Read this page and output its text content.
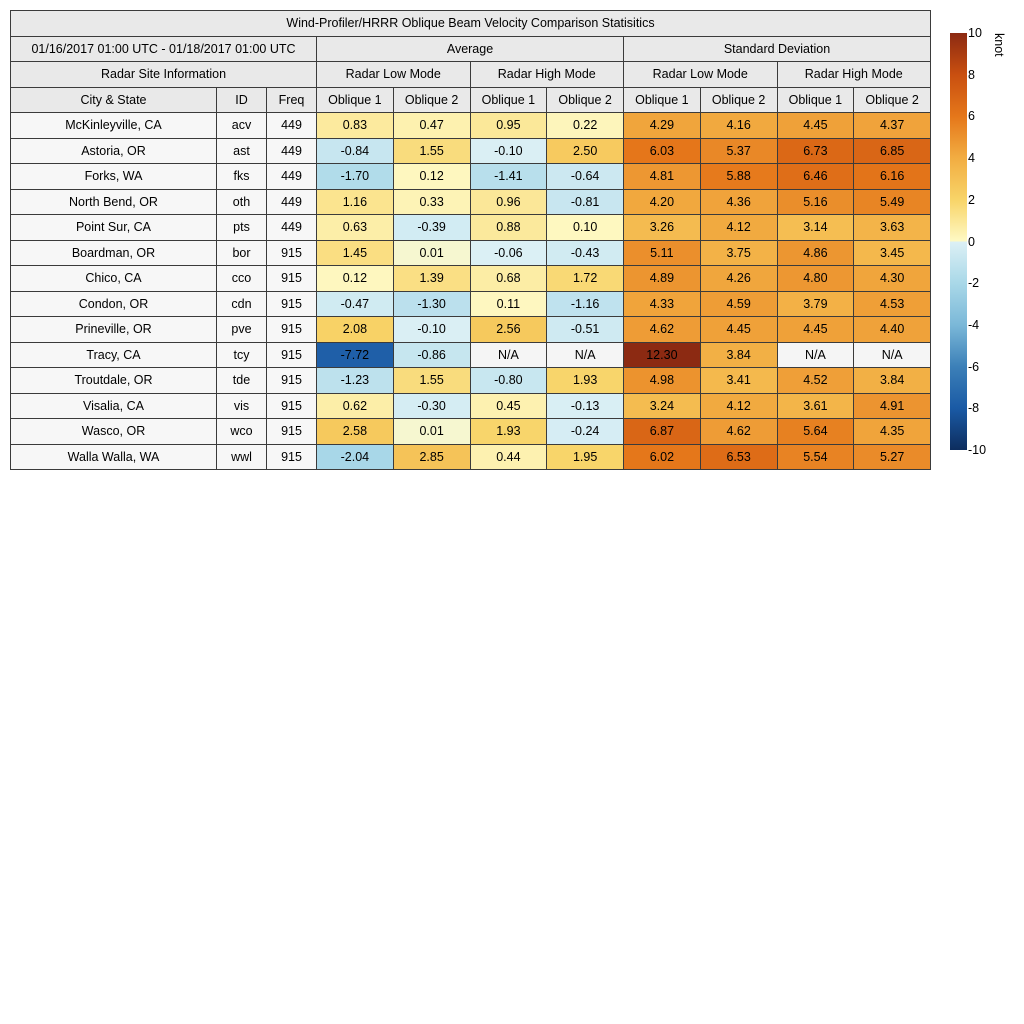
Wind-Profiler/HRRR Oblique Beam Velocity Comparison Statisitics										
01/16/2017 01:00 UTC - 01/18/2017 01:00 UTC			Average				Standard Deviation			
Radar Site Information			Radar Low Mode		Radar High Mode		Radar Low Mode		Radar High Mode	
City & State	ID	Freq	Oblique 1	Oblique 2	Oblique 1	Oblique 2	Oblique 1	Oblique 2	Oblique 1	Oblique 2
McKinleyville, CA	acv	449	0.83	0.47	0.95	0.22	4.29	4.16	4.45	4.37
Astoria, OR	ast	449	-0.84	1.55	-0.10	2.50	6.03	5.37	6.73	6.85
Forks, WA	fks	449	-1.70	0.12	-1.41	-0.64	4.81	5.88	6.46	6.16
North Bend, OR	oth	449	1.16	0.33	0.96	-0.81	4.20	4.36	5.16	5.49
Point Sur, CA	pts	449	0.63	-0.39	0.88	0.10	3.26	4.12	3.14	3.63
Boardman, OR	bor	915	1.45	0.01	-0.06	-0.43	5.11	3.75	4.86	3.45
Chico, CA	cco	915	0.12	1.39	0.68	1.72	4.89	4.26	4.80	4.30
Condon, OR	cdn	915	-0.47	-1.30	0.11	-1.16	4.33	4.59	3.79	4.53
Prineville, OR	pve	915	2.08	-0.10	2.56	-0.51	4.62	4.45	4.45	4.40
Tracy, CA	tcy	915	-7.72	-0.86	N/A	N/A	12.30	3.84	N/A	N/A
Troutdale, OR	tde	915	-1.23	1.55	-0.80	1.93	4.98	3.41	4.52	3.84
Visalia, CA	vis	915	0.62	-0.30	0.45	-0.13	3.24	4.12	3.61	4.91
Wasco, OR	wco	915	2.58	0.01	1.93	-0.24	6.87	4.62	5.64	4.35
Walla Walla, WA	wwl	915	-2.04	2.85	0.44	1.95	6.02	6.53	5.54	5.27
10
8
6
4
2
0
-2
-4
-6
-8
-10
knot
